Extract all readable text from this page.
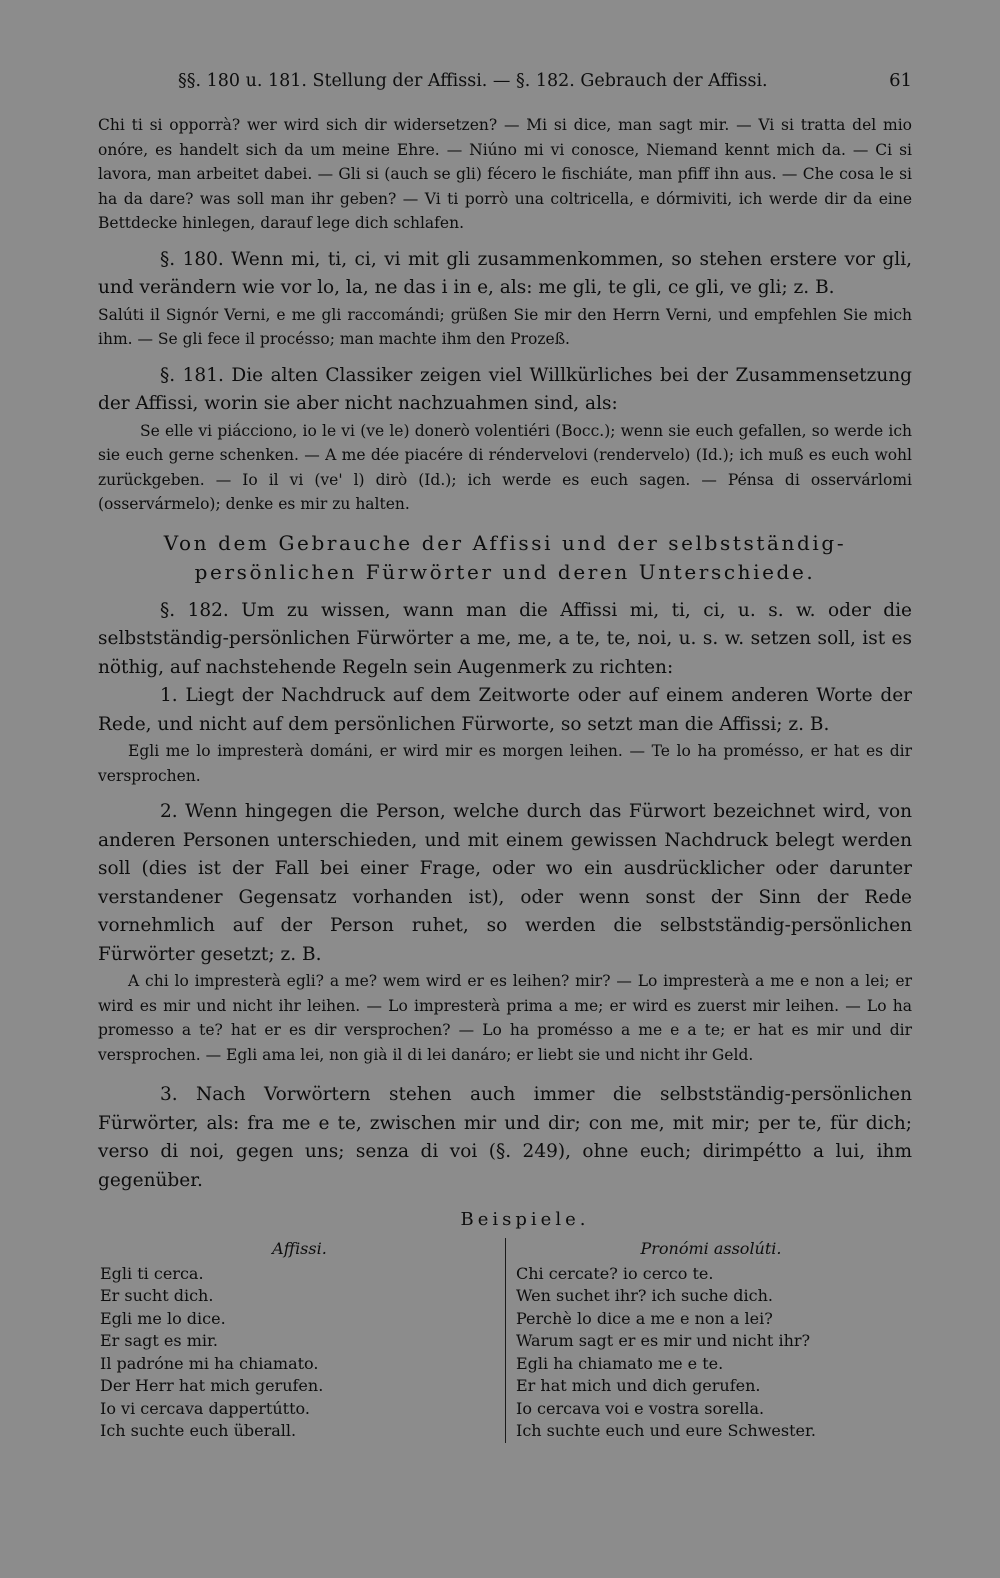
§§. 180 u. 181. Stellung der Affissi. — §. 182. Gebrauch der Affissi.	61

Chi ti si opporrà? wer wird sich dir widersetzen? — Mi si dice, man sagt mir. — Vi si tratta del mio onóre, es handelt sich da um meine Ehre. — Niúno mi vi conosce, Niemand kennt mich da. — Ci si lavora, man arbeitet dabei. — Gli si (auch se gli) fécero le fischiáte, man pfiff ihn aus. — Che cosa le si ha da dare? was soll man ihr geben? — Vi ti porrò una coltricella, e dórmiviti, ich werde dir da eine Bettdecke hinlegen, darauf lege dich schlafen.

§. 180. Wenn mi, ti, ci, vi mit gli zusammenkommen, so stehen erstere vor gli, und verändern wie vor lo, la, ne das i in e, als: me gli, te gli, ce gli, ve gli; z. B.

Salúti il Signór Verni, e me gli raccomándi; grüßen Sie mir den Herrn Verni, und empfehlen Sie mich ihm. — Se gli fece il procésso; man machte ihm den Prozeß.

§. 181. Die alten Classiker zeigen viel Willkürliches bei der Zusammensetzung der Affissi, worin sie aber nicht nachzuahmen sind, als:

Se elle vi piácciono, io le vi (ve le) donerò volentiéri (Bocc.); wenn sie euch gefallen, so werde ich sie euch gerne schenken. — A me dée piacére di réndervelovi (rendervelo) (Id.); ich muß es euch wohl zurückgeben. — Io il vi (ve' l) dirò (Id.); ich werde es euch sagen. — Pénsa di osservárlomi (osservármelo); denke es mir zu halten.

Von dem Gebrauche der Affissi und der selbstständig-persönlichen Fürwörter und deren Unterschiede.

§. 182. Um zu wissen, wann man die Affissi mi, ti, ci, u. s. w. oder die selbstständig-persönlichen Fürwörter a me, me, a te, te, noi, u. s. w. setzen soll, ist es nöthig, auf nachstehende Regeln sein Augenmerk zu richten:

1. Liegt der Nachdruck auf dem Zeitworte oder auf einem anderen Worte der Rede, und nicht auf dem persönlichen Fürworte, so setzt man die Affissi; z. B.

Egli me lo impresterà dománi, er wird mir es morgen leihen. — Te lo ha promésso, er hat es dir versprochen.

2. Wenn hingegen die Person, welche durch das Fürwort bezeichnet wird, von anderen Personen unterschieden, und mit einem gewissen Nachdruck belegt werden soll (dies ist der Fall bei einer Frage, oder wo ein ausdrücklicher oder darunter verstandener Gegensatz vorhanden ist), oder wenn sonst der Sinn der Rede vornehmlich auf der Person ruhet, so werden die selbstständig-persönlichen Fürwörter gesetzt; z. B.

A chi lo impresterà egli? a me? wem wird er es leihen? mir? — Lo impresterà a me e non a lei; er wird es mir und nicht ihr leihen. — Lo impresterà prima a me; er wird es zuerst mir leihen. — Lo ha promesso a te? hat er es dir versprochen? — Lo ha promésso a me e a te; er hat es mir und dir versprochen. — Egli ama lei, non già il di lei danáro; er liebt sie und nicht ihr Geld.

3. Nach Vorwörtern stehen auch immer die selbstständig-persönlichen Fürwörter, als: fra me e te, zwischen mir und dir; con me, mit mir; per te, für dich; verso di noi, gegen uns; senza di voi (§. 249), ohne euch; dirimpétto a lui, ihm gegenüber.

Beispiele.
Affissi.
Egli ti cerca.
Er sucht dich.
Egli me lo dice.
Er sagt es mir.
Il padróne mi ha chiamato.
Der Herr hat mich gerufen.
Io vi cercava dappertútto.
Ich suchte euch überall.
Pronómi assolúti.
Chi cercate? io cerco te.
Wen suchet ihr? ich suche dich.
Perchè lo dice a me e non a lei?
Warum sagt er es mir und nicht ihr?
Egli ha chiamato me e te.
Er hat mich und dich gerufen.
Io cercava voi e vostra sorella.
Ich suchte euch und eure Schwester.
